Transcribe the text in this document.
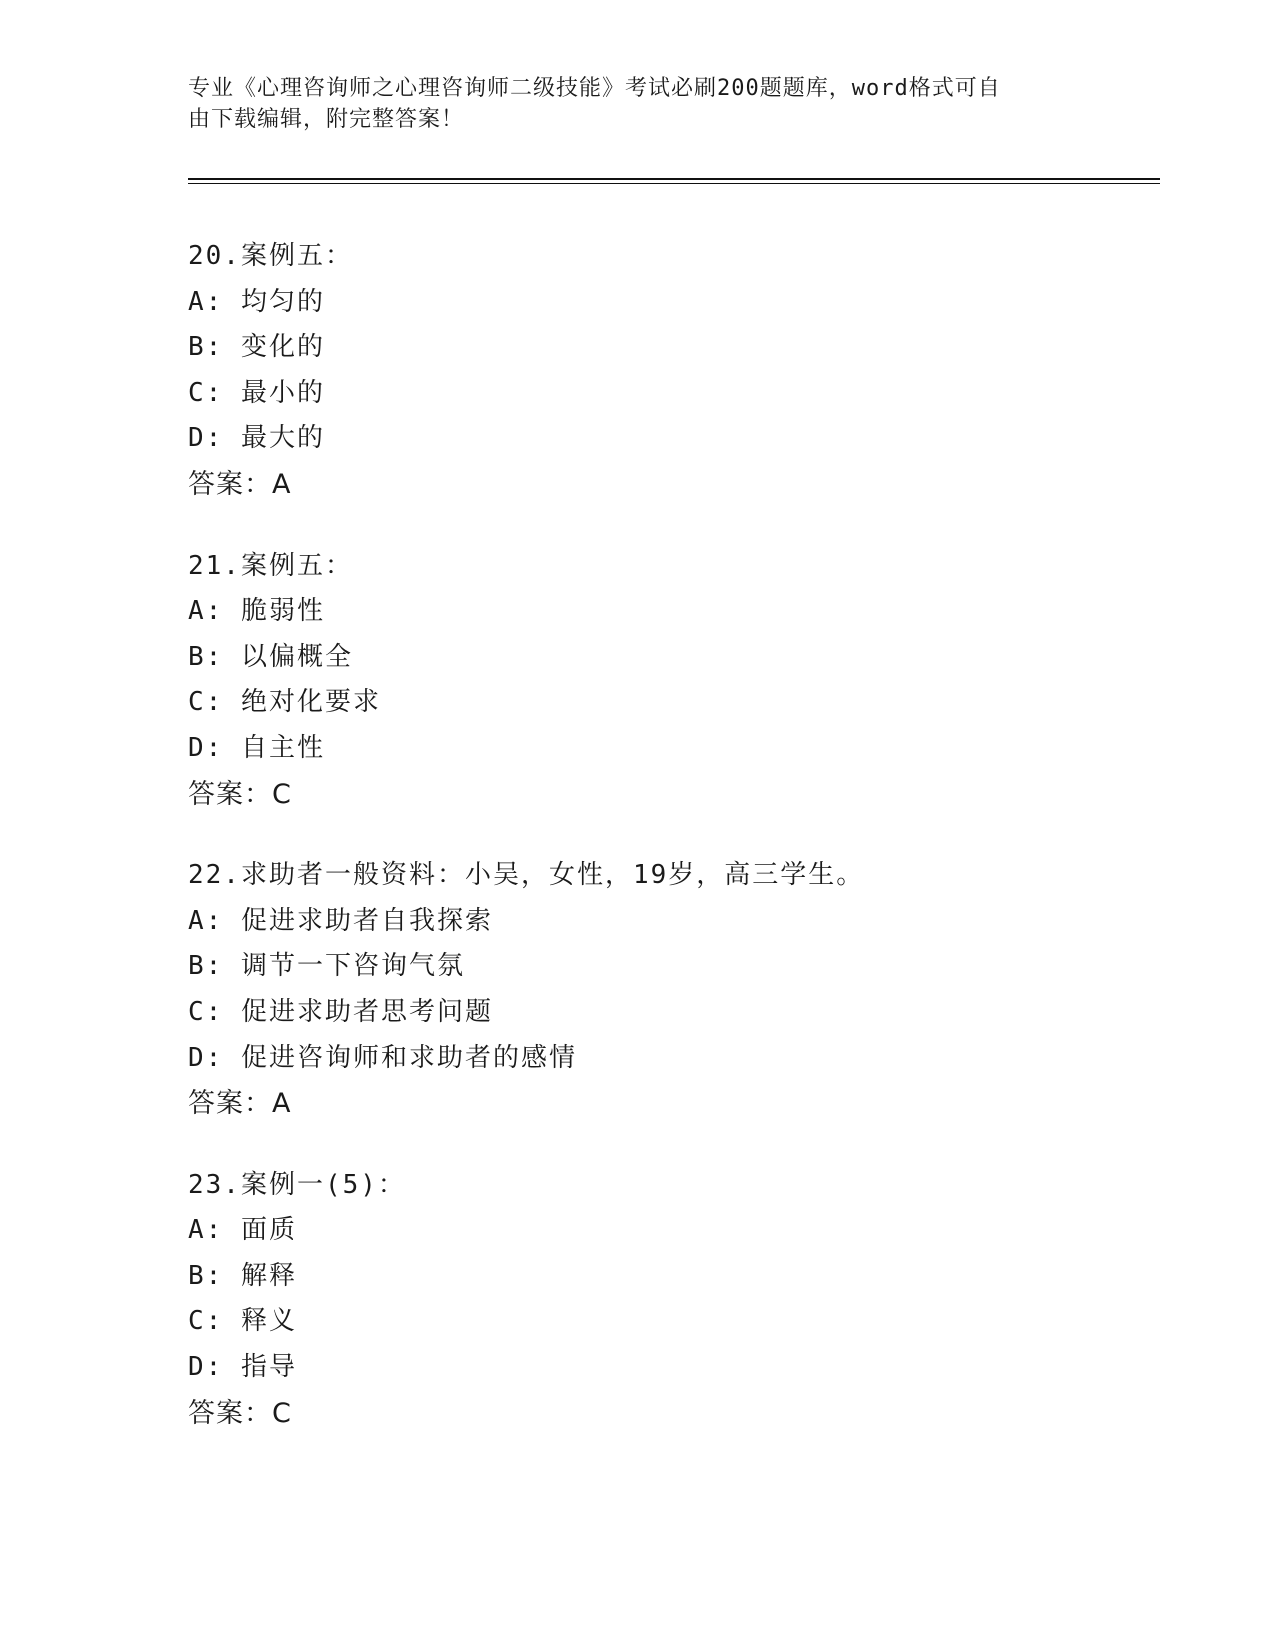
专业《心理咨询师之心理咨询师二级技能》考试必刷200题题库，word格式可自
由下载编辑，附完整答案！
20.案例五：
A: 均匀的
B: 变化的
C: 最小的
D: 最大的
答案：A
21.案例五：
A: 脆弱性
B: 以偏概全
C: 绝对化要求
D: 自主性
答案：C
22.求助者一般资料：小吴，女性，19岁，高三学生。
A: 促进求助者自我探索
B: 调节一下咨询气氛
C: 促进求助者思考问题
D: 促进咨询师和求助者的感情
答案：A
23.案例一(5)：
A: 面质
B: 解释
C: 释义
D: 指导
答案：C
